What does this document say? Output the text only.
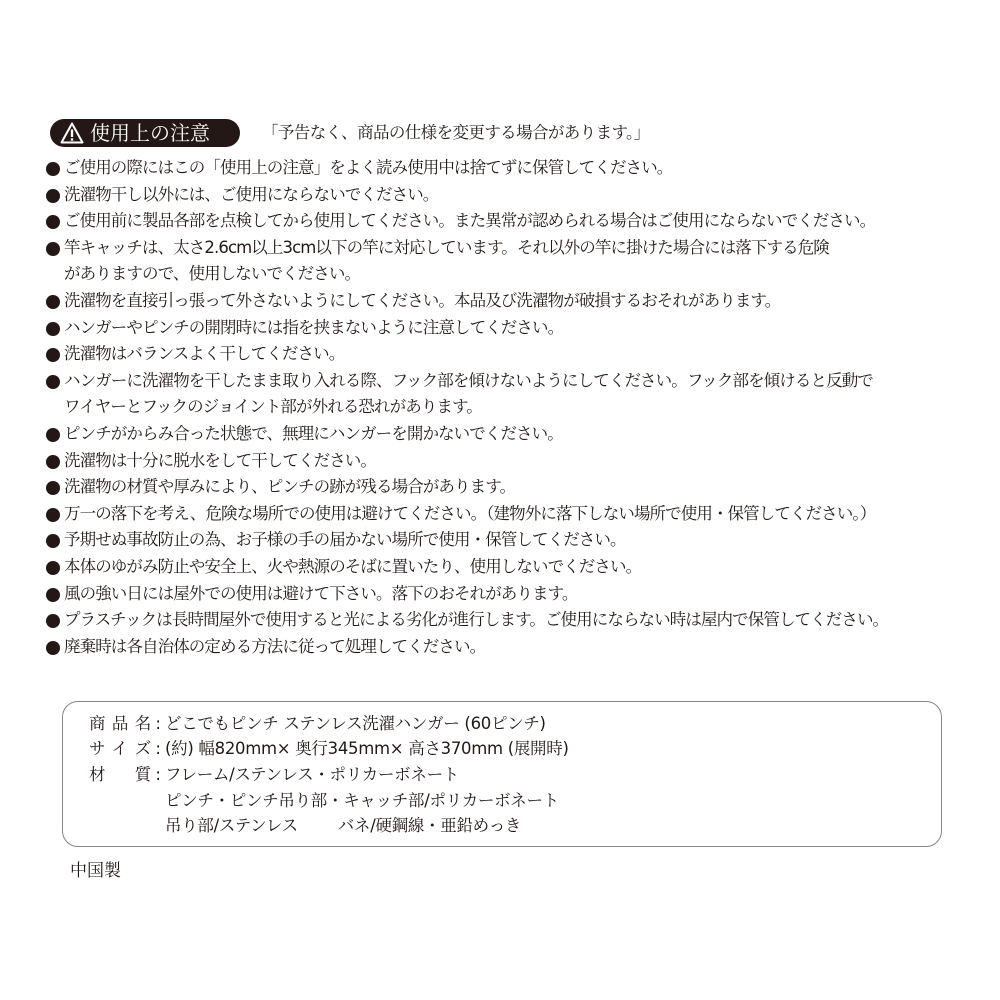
使用上の注意	「予告なく、商品の仕様を変更する場合があります。」
ご使用の際にはこの「使用上の注意」をよく読み使用中は捨てずに保管してください。
洗濯物干し以外には、ご使用にならないでください。
ご使用前に製品各部を点検してから使用してください。また異常が認められる場合はご使用にならないでください。
竿キャッチは、太さ2.6cm以上3cm以下の竿に対応しています。それ以外の竿に掛けた場合には落下する危険
がありますので、使用しないでください。
洗濯物を直接引っ張って外さないようにしてください。本品及び洗濯物が破損するおそれがあります。
ハンガーやピンチの開閉時には指を挟まないように注意してください。
洗濯物はバランスよく干してください。
ハンガーに洗濯物を干したまま取り入れる際、フック部を傾けないようにしてください。フック部を傾けると反動で
ワイヤーとフックのジョイント部が外れる恐れがあります。
ピンチがからみ合った状態で、無理にハンガーを開かないでください。
洗濯物は十分に脱水をして干してください。
洗濯物の材質や厚みにより、ピンチの跡が残る場合があります。
万一の落下を考え、危険な場所での使用は避けてください。（建物外に落下しない場所で使用・保管してください。）
予期せぬ事故防止の為、お子様の手の届かない場所で使用・保管してください。
本体のゆがみ防止や安全上、火や熱源のそばに置いたり、使用しないでください。
風の強い日には屋外での使用は避けて下さい。落下のおそれがあります。
プラスチックは長時間屋外で使用すると光による劣化が進行します。ご使用にならない時は屋内で保管してください。
廃棄時は各自治体の定める方法に従って処理してください。
商品名 : どこでもピンチ ステンレス洗濯ハンガー (60ピンチ)
サイズ : (約) 幅820mm× 奥行345mm× 高さ370mm (展開時)
材　質 : フレーム/ステンレス・ポリカーボネート
ピンチ・ピンチ吊り部・キャッチ部/ポリカーボネート
吊り部/ステンレス バネ/硬鋼線・亜鉛めっき
中国製
